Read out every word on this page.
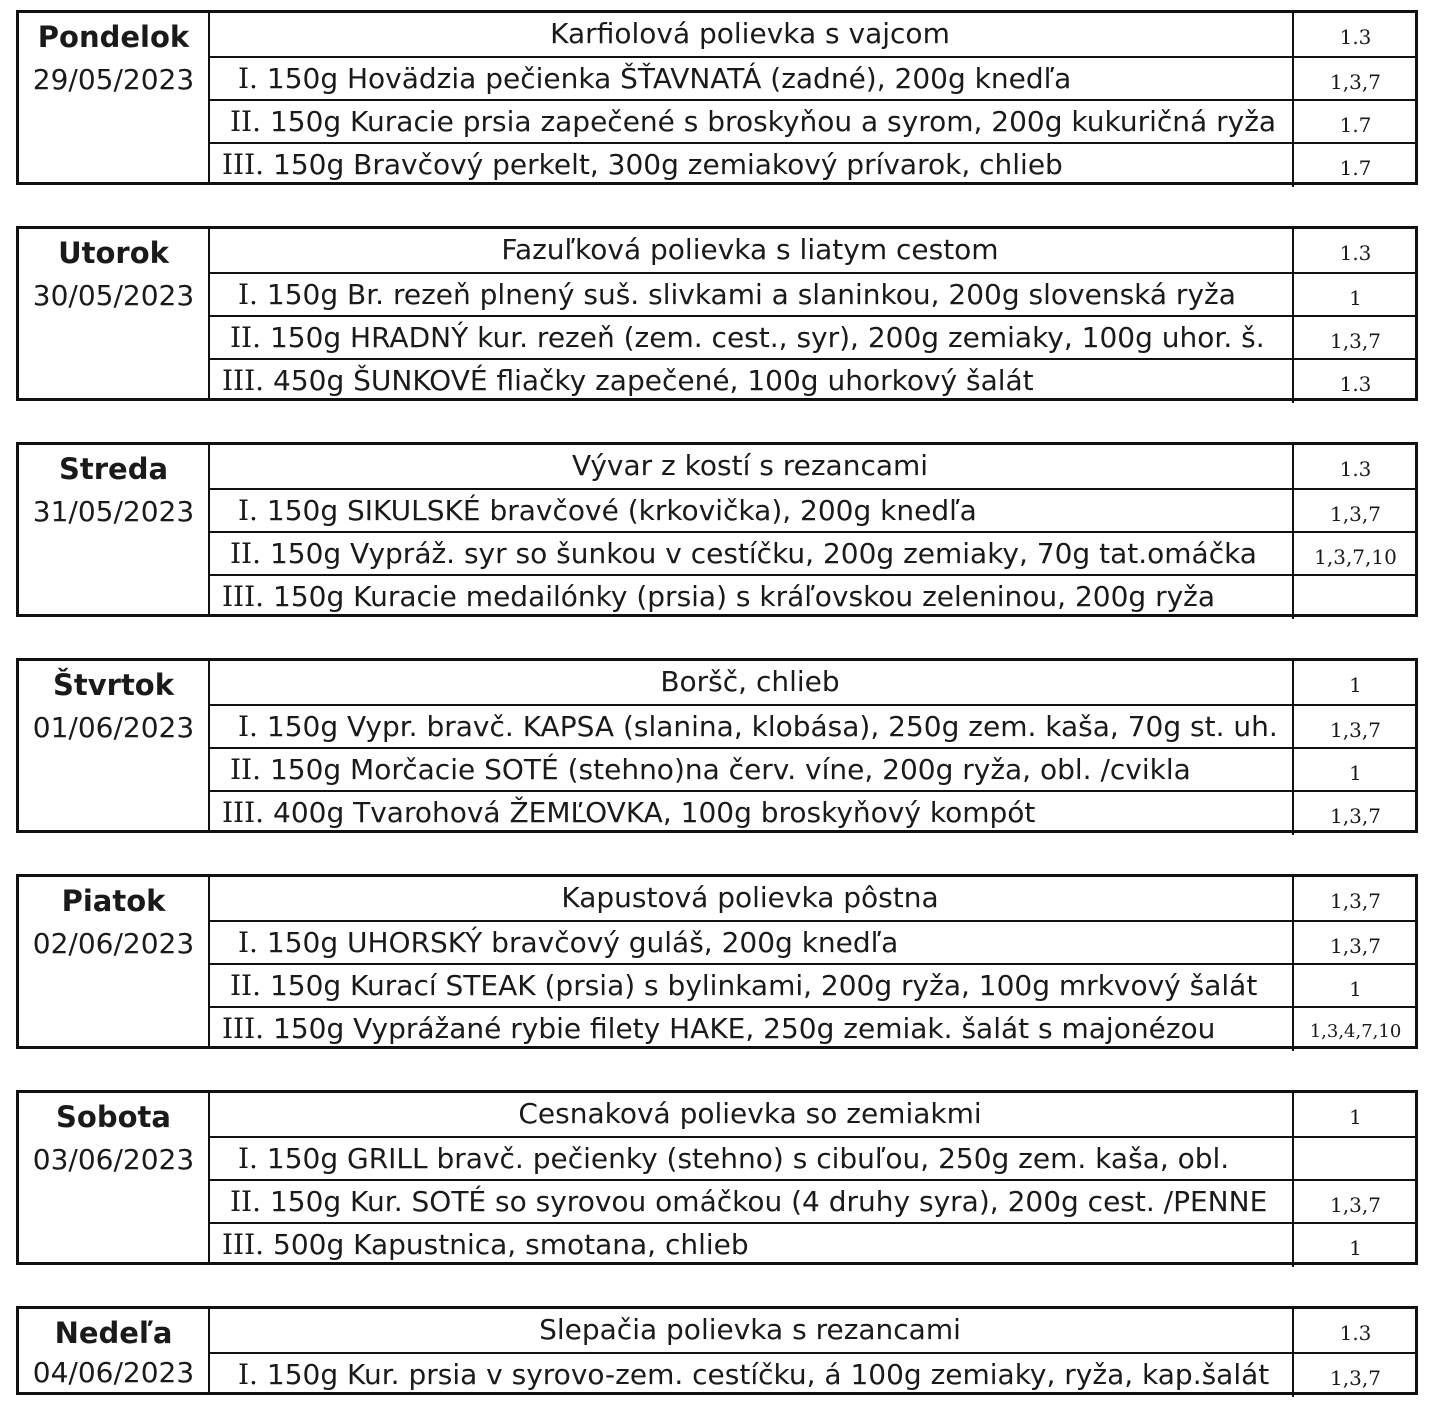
Pondelok
29/05/2023
Karfiolová polievka s vajcom	1.3
I. 150g Hovädzia pečienka ŠŤAVNATÁ (zadné), 200g knedľa	1,3,7
II. 150g Kuracie prsia zapečené s broskyňou a syrom, 200g kukuričná ryža	1.7
III. 150g Bravčový perkelt, 300g zemiakový prívarok, chlieb	1.7
Utorok
30/05/2023
Fazuľková polievka s liatym cestom	1.3
I. 150g Br. rezeň plnený suš. slivkami a slaninkou, 200g slovenská ryža	1
II. 150g HRADNÝ kur. rezeň (zem. cest., syr), 200g zemiaky, 100g uhor. š.	1,3,7
III. 450g ŠUNKOVÉ fliačky zapečené, 100g uhorkový šalát	1.3
Streda
31/05/2023
Vývar z kostí s rezancami	1.3
I. 150g SIKULSKÉ bravčové (krkovička), 200g knedľa	1,3,7
II. 150g Vypráž. syr so šunkou v cestíčku, 200g zemiaky, 70g tat.omáčka	1,3,7,10
III. 150g Kuracie medailónky (prsia) s kráľovskou zeleninou, 200g ryža
Štvrtok
01/06/2023
Boršč, chlieb	1
I. 150g Vypr. bravč. KAPSA (slanina, klobása), 250g zem. kaša, 70g st. uh.	1,3,7
II. 150g Morčacie SOTÉ (stehno)na červ. víne, 200g ryža, obl. /cvikla	1
III. 400g Tvarohová ŽEMĽOVKA, 100g broskyňový kompót	1,3,7
Piatok
02/06/2023
Kapustová polievka pôstna	1,3,7
I. 150g UHORSKÝ bravčový guláš, 200g knedľa	1,3,7
II. 150g Kurací STEAK (prsia) s bylinkami, 200g ryža, 100g mrkvový šalát	1
III. 150g Vyprážané rybie filety HAKE, 250g zemiak. šalát s majonézou	1,3,4,7,10
Sobota
03/06/2023
Cesnaková polievka so zemiakmi	1
I. 150g GRILL bravč. pečienky (stehno) s cibuľou, 250g zem. kaša, obl.
II. 150g Kur. SOTÉ so syrovou omáčkou (4 druhy syra), 200g cest. /PENNE	1,3,7
III. 500g Kapustnica, smotana, chlieb	1
Nedeľa
04/06/2023
Slepačia polievka s rezancami	1.3
I. 150g Kur. prsia v syrovo-zem. cestíčku, á 100g zemiaky, ryža, kap.šalát	1,3,7
